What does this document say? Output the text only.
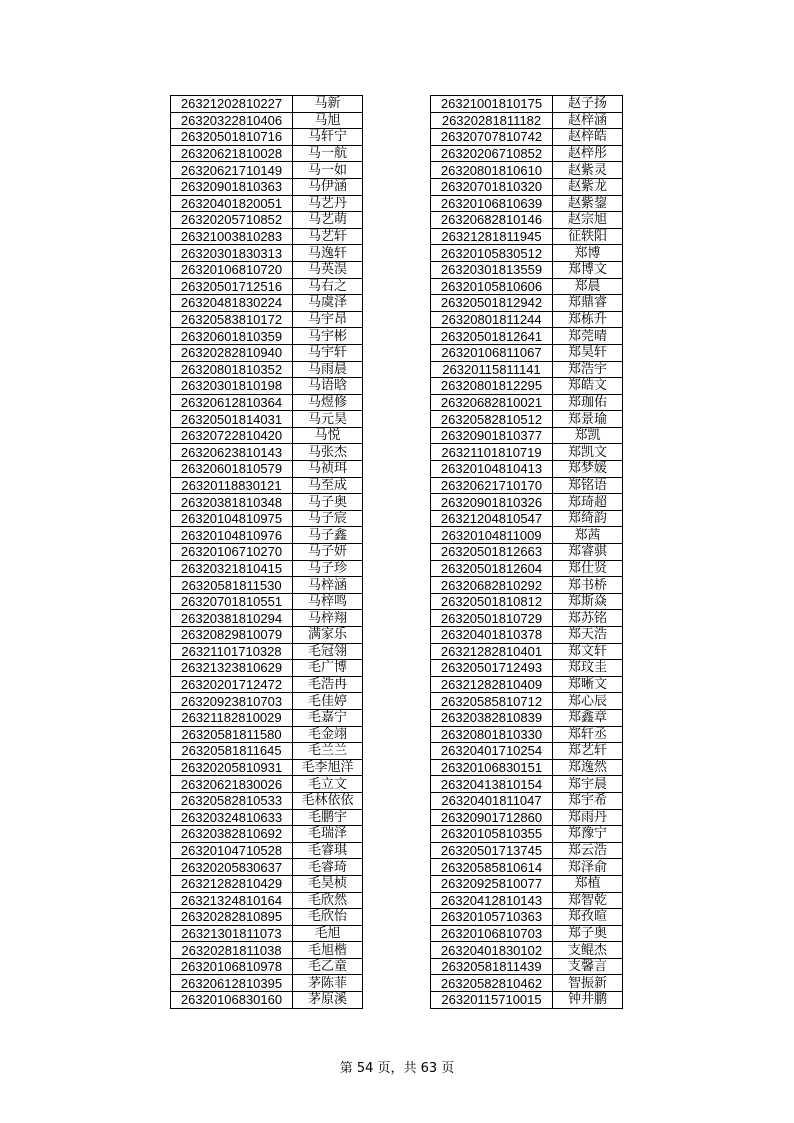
26321202810227	马新
26320322810406	马旭
26320501810716	马轩宁
26320621810028	马一航
26320621710149	马一如
26320901810363	马伊涵
26320401820051	马艺丹
26320205710852	马艺萌
26321003810283	马艺轩
26320301830313	马逸轩
26320106810720	马英淏
26320501712516	马右之
26320481830224	马虞泽
26320583810172	马宇昂
26320601810359	马宇彬
26320282810940	马宇轩
26320801810352	马雨晨
26320301810198	马语晗
26320612810364	马煜修
26320501814031	马元昊
26320722810420	马悦
26320623810143	马张杰
26320601810579	马祯珥
26320118830121	马至成
26320381810348	马子奥
26320104810975	马子宸
26320104810976	马子鑫
26320106710270	马子妍
26320321810415	马子珍
26320581811530	马梓涵
26320701810551	马梓鸣
26320381810294	马梓翔
26320829810079	满家乐
26321101710328	毛冠翎
26321323810629	毛广博
26320201712472	毛浩冉
26320923810703	毛佳婷
26321182810029	毛嘉宁
26320581811580	毛金翊
26320581811645	毛兰兰
26320205810931	毛李旭洋
26320621830026	毛立文
26320582810533	毛林依依
26320324810633	毛鹏宇
26320382810692	毛瑞泽
26320104710528	毛睿琪
26320205830637	毛睿琦
26321282810429	毛昊桢
26321324810164	毛欣然
26320282810895	毛欣怡
26321301811073	毛旭
26320281811038	毛旭楷
26320106810978	毛乙童
26320612810395	茅陈菲
26320106830160	茅原溪
26321001810175	赵子扬
26320281811182	赵梓涵
26320707810742	赵梓皓
26320206710852	赵梓彤
26320801810610	赵紫灵
26320701810320	赵紫龙
26320106810639	赵紫鋆
26320682810146	赵宗旭
26321281811945	征轶阳
26320105830512	郑博
26320301813559	郑博文
26320105810606	郑晨
26320501812942	郑鼎睿
26320801811244	郑栋升
26320501812641	郑莞晴
26320106811067	郑昊轩
26320115811141	郑浩宇
26320801812295	郑皓文
26320682810021	郑珈佑
26320582810512	郑景瑜
26320901810377	郑凯
26321101810719	郑凯文
26320104810413	郑梦媛
26320621710170	郑铭语
26320901810326	郑琦超
26321204810547	郑绮韵
26320104811009	郑茜
26320501812663	郑睿骐
26320501812604	郑仕贤
26320682810292	郑书桥
26320501810812	郑斯焱
26320501810729	郑苏铭
26320401810378	郑天浩
26321282810401	郑文轩
26320501712493	郑玟圭
26321282810409	郑晰文
26320585810712	郑心辰
26320382810839	郑鑫章
26320801810330	郑轩丞
26320401710254	郑艺轩
26320106830151	郑逸然
26320413810154	郑宇晨
26320401811047	郑宇希
26320901712860	郑雨丹
26320105810355	郑豫宁
26320501713745	郑云浩
26320585810614	郑泽俞
26320925810077	郑植
26320412810143	郑智乾
26320105710363	郑孜暄
26320106810703	郑子奥
26320401830102	支鲲杰
26320581811439	支馨言
26320582810462	智振新
26320115710015	钟井鹏
第 54 页，共 63 页
